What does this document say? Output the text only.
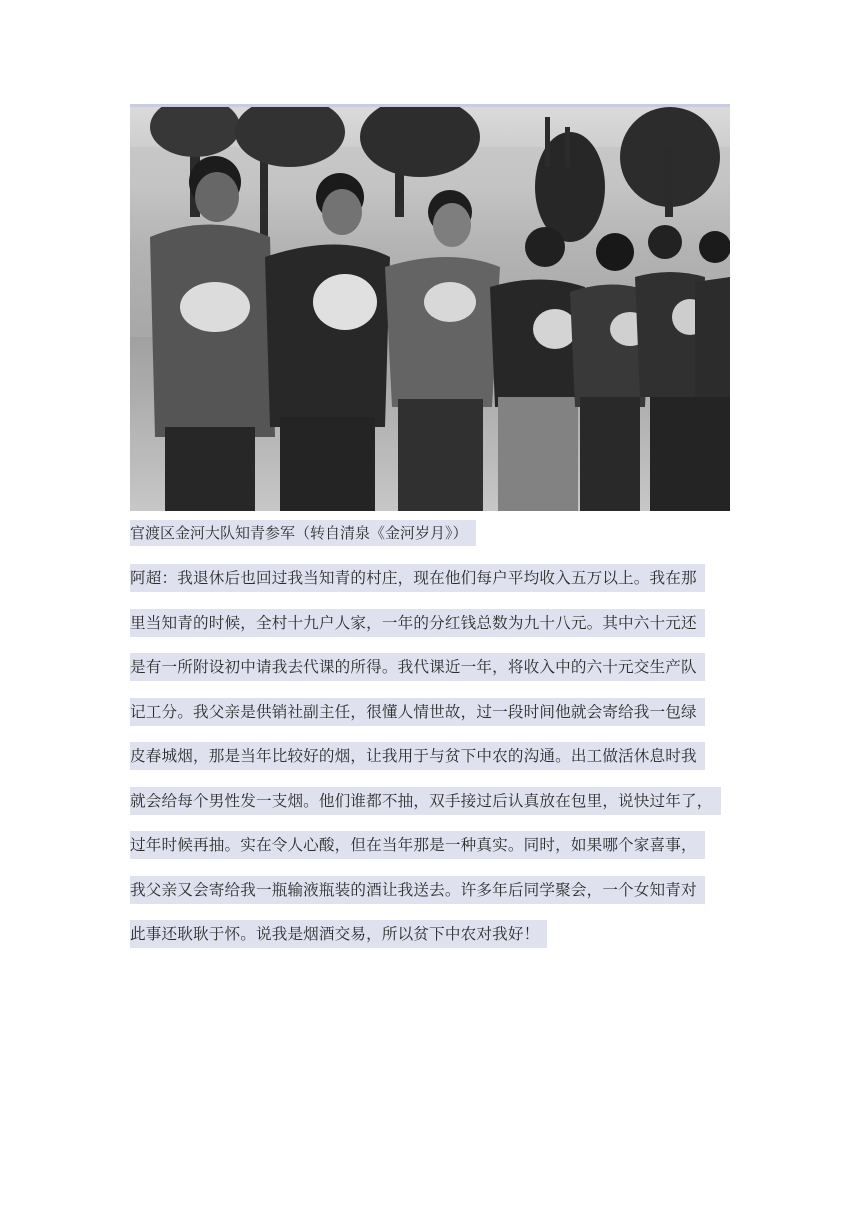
官渡区金河大队知青参军（转自清泉《金河岁月》）
阿超：我退休后也回过我当知青的村庄，现在他们每户平均收入五万以上。我在那
里当知青的时候，全村十九户人家，一年的分红钱总数为九十八元。其中六十元还
是有一所附设初中请我去代课的所得。我代课近一年，将收入中的六十元交生产队
记工分。我父亲是供销社副主任，很懂人情世故，过一段时间他就会寄给我一包绿
皮春城烟，那是当年比较好的烟，让我用于与贫下中农的沟通。出工做活休息时我
就会给每个男性发一支烟。他们谁都不抽，双手接过后认真放在包里，说快过年了，
过年时候再抽。实在令人心酸，但在当年那是一种真实。同时，如果哪个家喜事，
我父亲又会寄给我一瓶输液瓶装的酒让我送去。许多年后同学聚会，一个女知青对
此事还耿耿于怀。说我是烟酒交易，所以贫下中农对我好！
